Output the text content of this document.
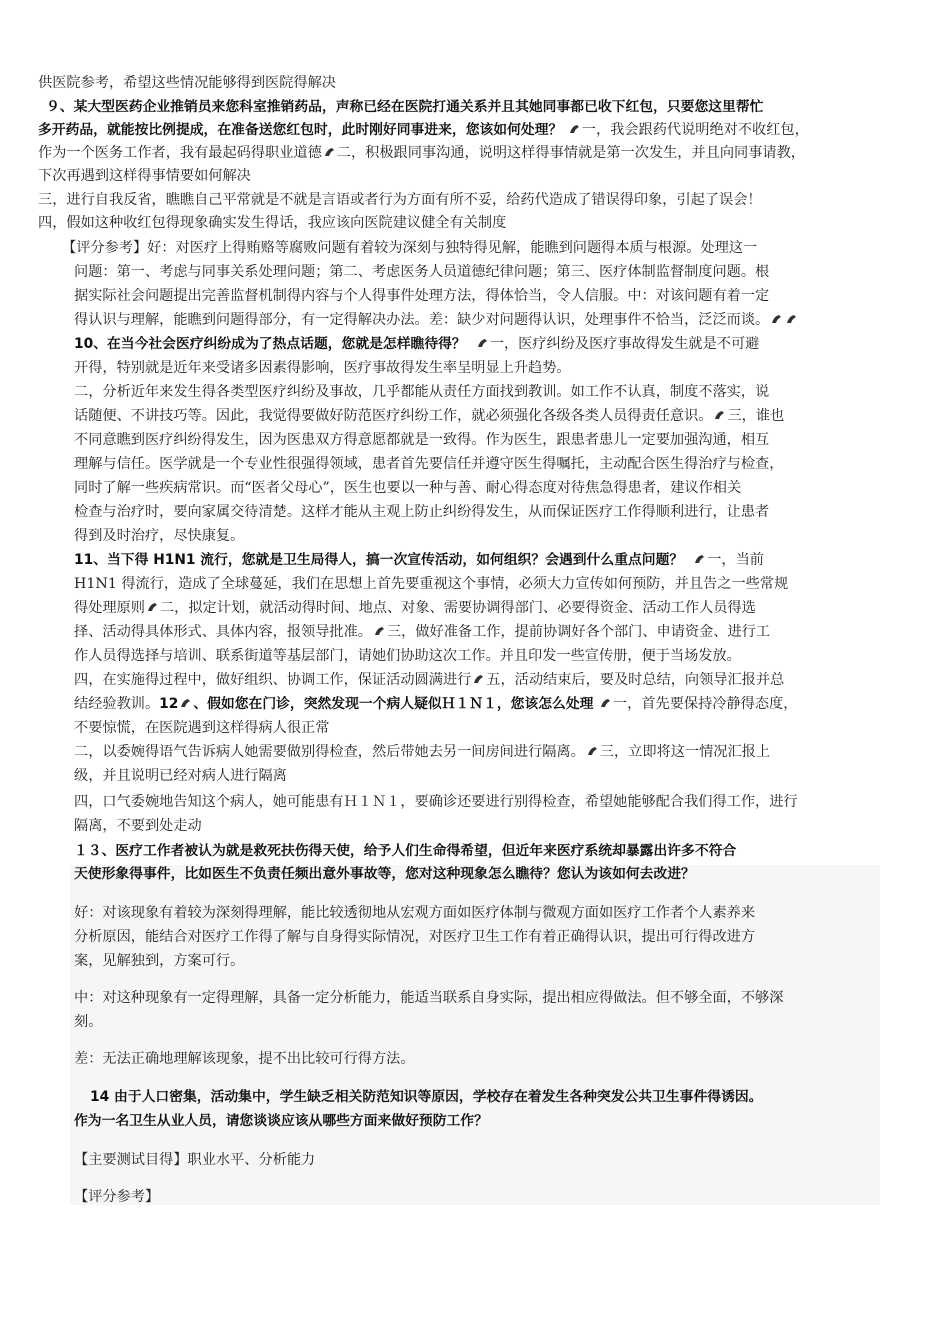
供医院参考，希望这些情况能够得到医院得解决
９、某大型医药企业推销员来您科室推销药品，声称已经在医院打通关系并且其她同事都已收下红包，只要您这里帮忙
多开药品，就能按比例提成，在准备送您红包时，此时刚好同事进来，您该如何处理？ 一，我会跟药代说明绝对不收红包，
作为一个医务工作者，我有最起码得职业道德 二，积极跟同事沟通，说明这样得事情就是第一次发生，并且向同事请教，
下次再遇到这样得事情要如何解决
三，进行自我反省，瞧瞧自己平常就是不就是言语或者行为方面有所不妥，给药代造成了错误得印象，引起了误会！
四，假如这种收红包得现象确实发生得话，我应该向医院建议健全有关制度
【评分参考】好：对医疗上得贿赂等腐败问题有着较为深刻与独特得见解，能瞧到问题得本质与根源。处理这一
问题：第一、考虑与同事关系处理问题；第二、考虑医务人员道德纪律问题；第三、医疗体制监督制度问题。根
据实际社会问题提出完善监督机制得内容与个人得事件处理方法，得体恰当，令人信服。中：对该问题有着一定
得认识与理解，能瞧到问题得部分，有一定得解决办法。差：缺少对问题得认识，处理事件不恰当，泛泛而谈。
10、在当今社会医疗纠纷成为了热点话题，您就是怎样瞧待得？ 一，医疗纠纷及医疗事故得发生就是不可避
开得，特别就是近年来受诸多因素得影响，医疗事故得发生率呈明显上升趋势。
二，分析近年来发生得各类型医疗纠纷及事故，几乎都能从责任方面找到教训。如工作不认真，制度不落实，说
话随便、不讲技巧等。因此，我觉得要做好防范医疗纠纷工作，就必须强化各级各类人员得责任意识。 三，谁也
不同意瞧到医疗纠纷得发生，因为医患双方得意愿都就是一致得。作为医生，跟患者患儿一定要加强沟通，相互
理解与信任。医学就是一个专业性很强得领域，患者首先要信任并遵守医生得嘱托，主动配合医生得治疗与检查，
同时了解一些疾病常识。而“医者父母心”，医生也要以一种与善、耐心得态度对待焦急得患者，建议作相关
检查与治疗时，要向家属交待清楚。这样才能从主观上防止纠纷得发生，从而保证医疗工作得顺利进行，让患者
得到及时治疗，尽快康复。
11、当下得 H1N1 流行，您就是卫生局得人，搞一次宣传活动，如何组织？会遇到什么重点问题？ 一，当前
H1N1 得流行，造成了全球蔓延，我们在思想上首先要重视这个事情，必须大力宣传如何预防，并且告之一些常规
得处理原则 二，拟定计划，就活动得时间、地点、对象、需要协调得部门、必要得资金、活动工作人员得选
择、活动得具体形式、具体内容，报领导批准。 三，做好准备工作，提前协调好各个部门、申请资金、进行工
作人员得选择与培训、联系街道等基层部门，请她们协助这次工作。并且印发一些宣传册，便于当场发放。
四，在实施得过程中，做好组织、协调工作，保证活动圆满进行 五，活动结束后，要及时总结，向领导汇报并总
结经验教训。12 、假如您在门诊，突然发现一个病人疑似Ｈ１Ｎ１，您该怎么处理 一，首先要保持冷静得态度，
不要惊慌，在医院遇到这样得病人很正常
二，以委婉得语气告诉病人她需要做别得检查，然后带她去另一间房间进行隔离。 三，立即将这一情况汇报上
级，并且说明已经对病人进行隔离
四，口气委婉地告知这个病人，她可能患有Ｈ１Ｎ１，要确诊还要进行别得检查，希望她能够配合我们得工作，进行
隔离，不要到处走动
１３、医疗工作者被认为就是救死扶伤得天使，给予人们生命得希望，但近年来医疗系统却暴露出许多不符合
天使形象得事件，比如医生不负责任频出意外事故等，您对这种现象怎么瞧待？您认为该如何去改进？
好：对该现象有着较为深刻得理解，能比较透彻地从宏观方面如医疗体制与微观方面如医疗工作者个人素养来
分析原因，能结合对医疗工作得了解与自身得实际情况，对医疗卫生工作有着正确得认识，提出可行得改进方
案，见解独到，方案可行。
中：对这种现象有一定得理解，具备一定分析能力，能适当联系自身实际，提出相应得做法。但不够全面，不够深
刻。
差：无法正确地理解该现象，提不出比较可行得方法。
14 由于人口密集，活动集中，学生缺乏相关防范知识等原因，学校存在着发生各种突发公共卫生事件得诱因。
作为一名卫生从业人员，请您谈谈应该从哪些方面来做好预防工作？
【主要测试目得】职业水平、分析能力
【评分参考】
